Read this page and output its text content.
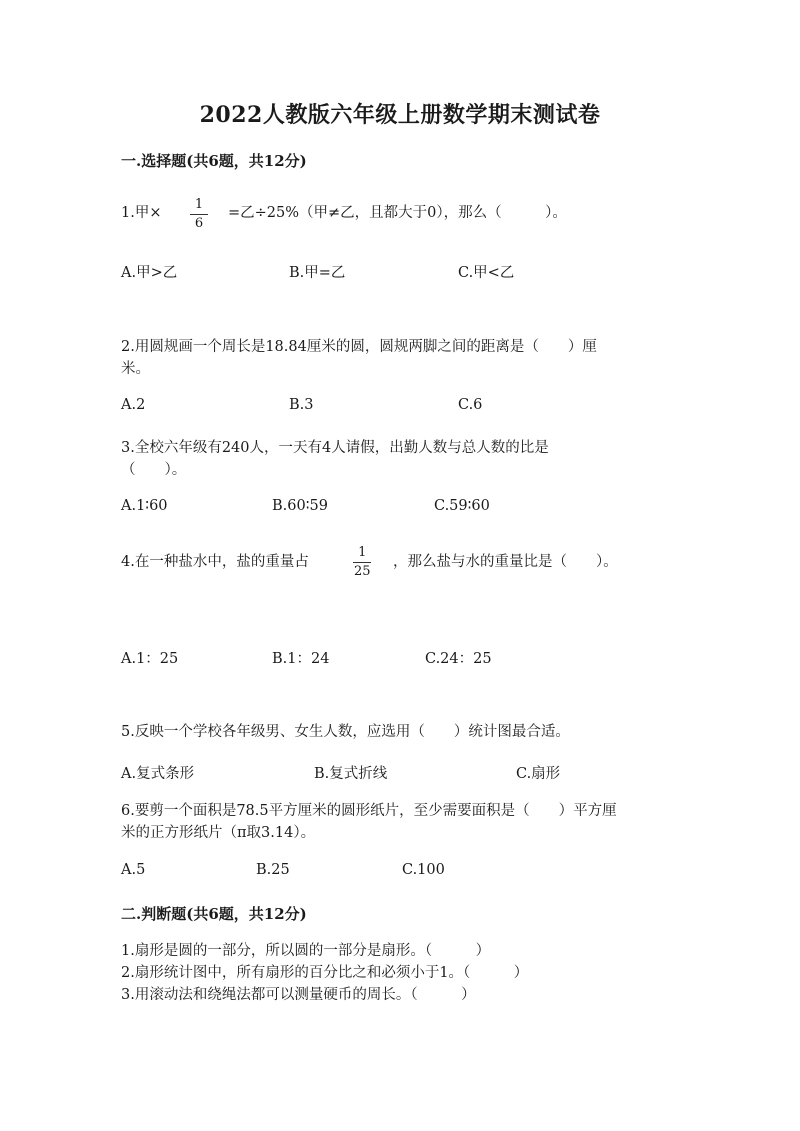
2022人教版六年级上册数学期末测试卷
一.选择题(共6题，共12分)
1.甲×
1
6
=乙÷25%（甲≠乙，且都大于0），那么（　　　）。
A.甲>乙	B.甲=乙	C.甲<乙
2.用圆规画一个周长是18.84厘米的圆，圆规两脚之间的距离是（　　）厘
米。
A.2	B.3	C.6
3.全校六年级有240人，一天有4人请假，出勤人数与总人数的比是
（　　）。
A.1∶60	B.60∶59	C.59∶60
4.在一种盐水中，盐的重量占
1
25
，那么盐与水的重量比是（　　）。
A.1：25	B.1：24	C.24：25
5.反映一个学校各年级男、女生人数，应选用（　　）统计图最合适。
A.复式条形	B.复式折线	C.扇形
6.要剪一个面积是78.5平方厘米的圆形纸片，至少需要面积是（　　）平方厘
米的正方形纸片（π取3.14）。
A.5	B.25	C.100
二.判断题(共6题，共12分)
1.扇形是圆的一部分，所以圆的一部分是扇形。（　　　）
2.扇形统计图中，所有扇形的百分比之和必须小于1。（　　　）
3.用滚动法和绕绳法都可以测量硬币的周长。（　　　）
